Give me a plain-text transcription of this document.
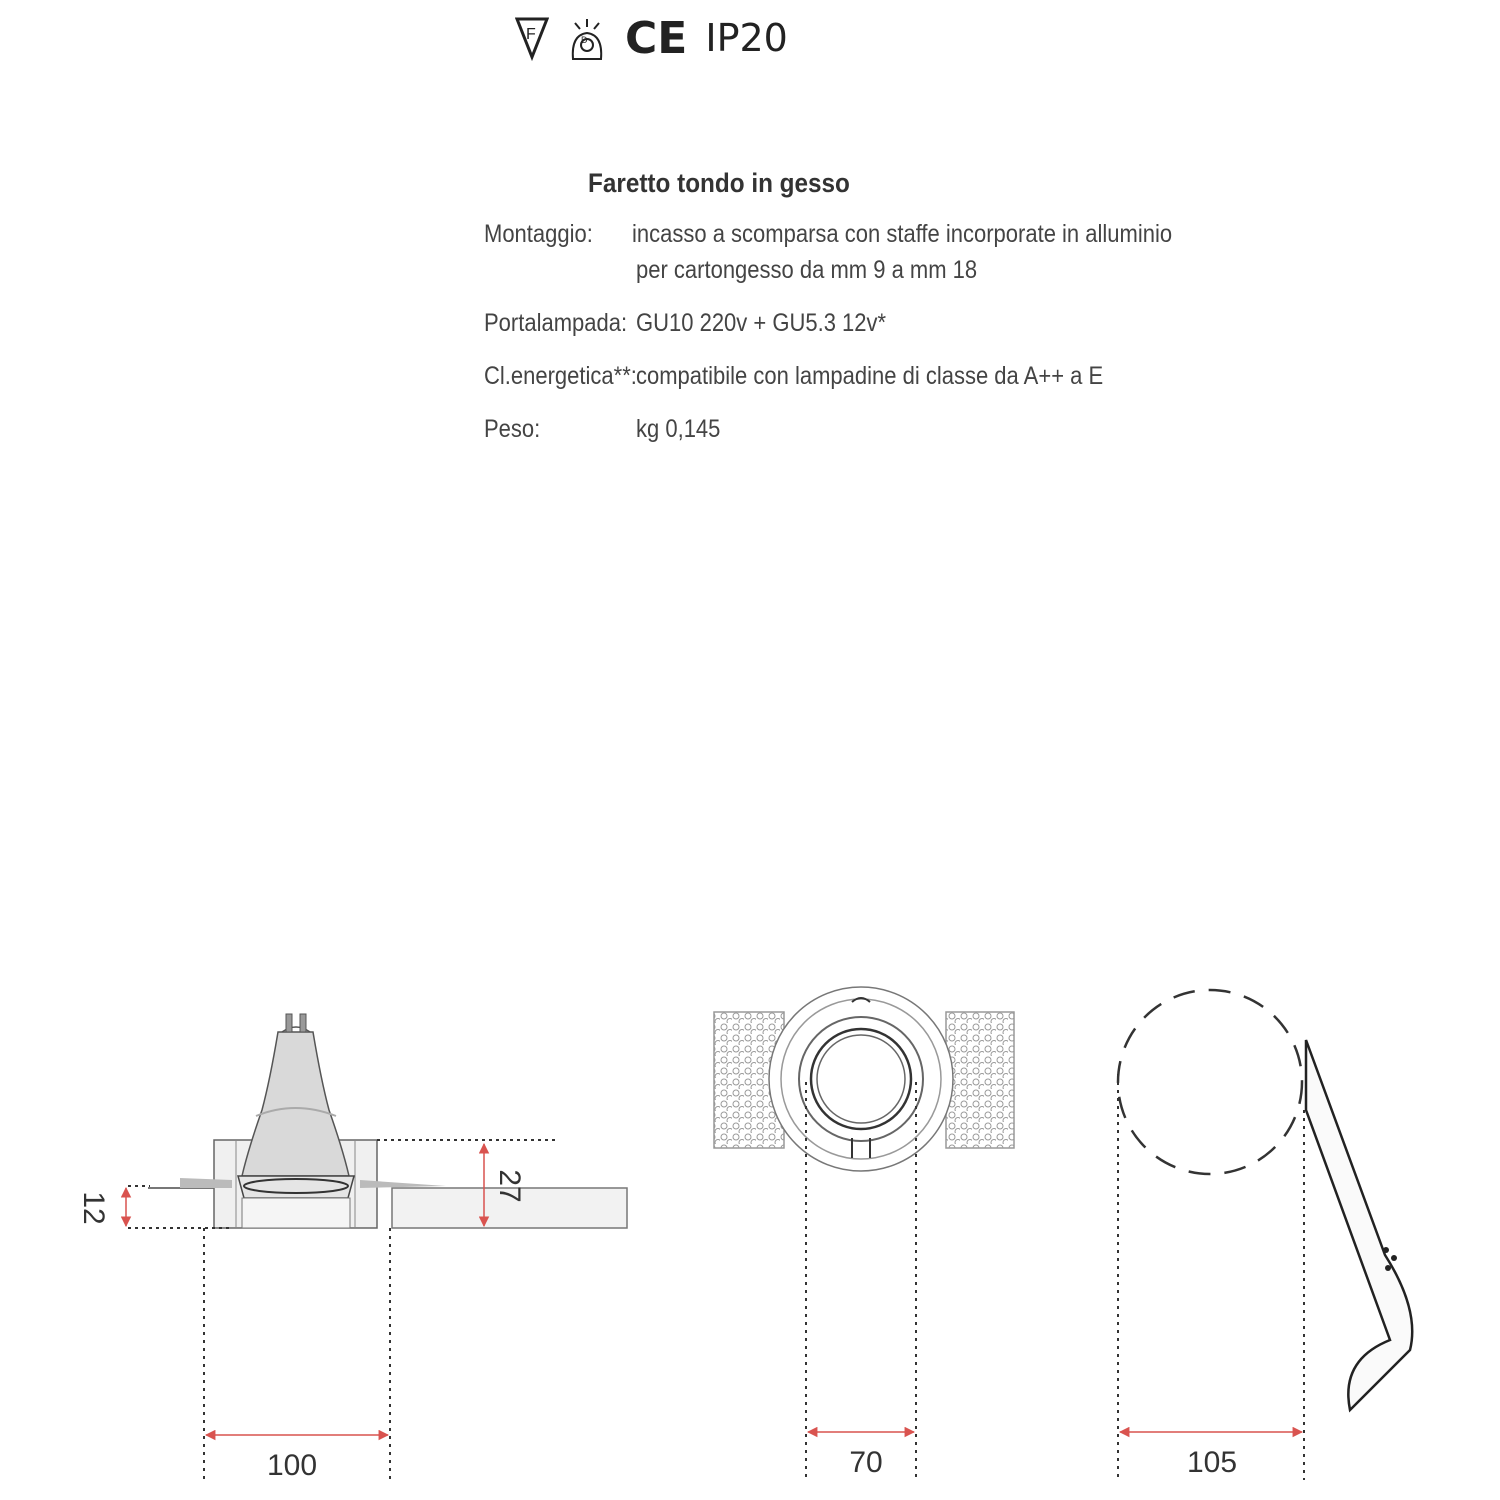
F	D CE IP20
Faretto tondo in gesso
Montaggio: incasso a scomparsa con staffe incorporate in alluminio
per cartongesso da mm 9 a mm 18
Portalampada: GU10 220v + GU5.3 12v*
Cl.energetica**: compatibile con lampadine di classe da A++ a E
Peso:	kg 0,145
12
27
100	70	105
